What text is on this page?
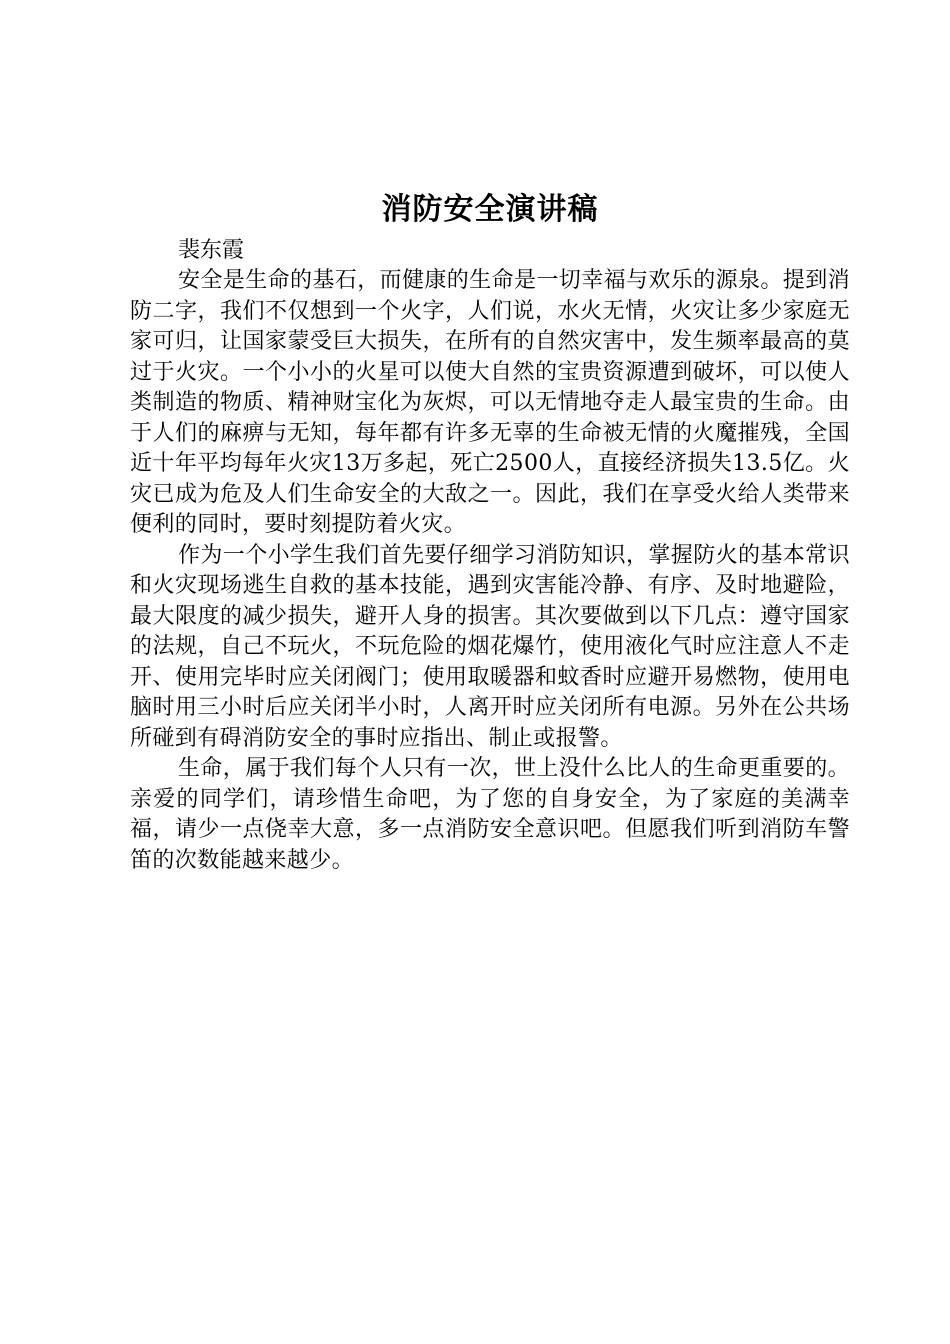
消防安全演讲稿

裴东霞

安全是生命的基石，而健康的生命是一切幸福与欢乐的源泉。提到消防二字，我们不仅想到一个火字，人们说，水火无情，火灾让多少家庭无家可归，让国家蒙受巨大损失，在所有的自然灾害中，发生频率最高的莫过于火灾。一个小小的火星可以使大自然的宝贵资源遭到破坏，可以使人类制造的物质、精神财宝化为灰烬，可以无情地夺走人最宝贵的生命。由于人们的麻痹与无知，每年都有许多无辜的生命被无情的火魔摧残，全国近十年平均每年火灾13万多起，死亡2500人，直接经济损失13.5亿。火灾已成为危及人们生命安全的大敌之一。因此，我们在享受火给人类带来便利的同时，要时刻提防着火灾。

作为一个小学生我们首先要仔细学习消防知识，掌握防火的基本常识和火灾现场逃生自救的基本技能，遇到灾害能冷静、有序、及时地避险，最大限度的减少损失，避开人身的损害。其次要做到以下几点：遵守国家的法规，自己不玩火，不玩危险的烟花爆竹，使用液化气时应注意人不走开、使用完毕时应关闭阀门；使用取暖器和蚊香时应避开易燃物，使用电脑时用三小时后应关闭半小时，人离开时应关闭所有电源。另外在公共场所碰到有碍消防安全的事时应指出、制止或报警。

生命，属于我们每个人只有一次，世上没什么比人的生命更重要的。亲爱的同学们，请珍惜生命吧，为了您的自身安全，为了家庭的美满幸福，请少一点侥幸大意，多一点消防安全意识吧。但愿我们听到消防车警笛的次数能越来越少。
